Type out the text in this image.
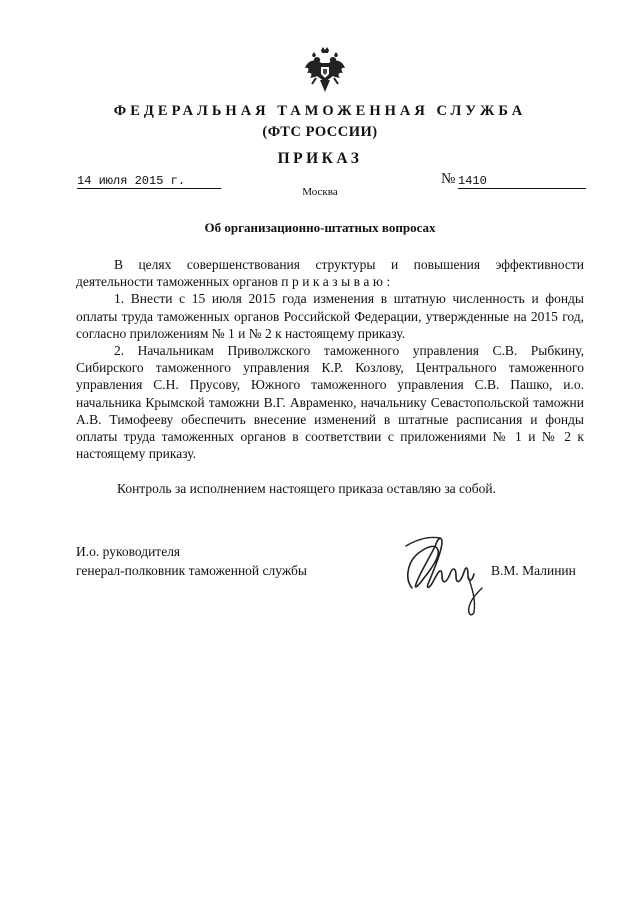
ФЕДЕРАЛЬНАЯ ТАМОЖЕННАЯ СЛУЖБА
(ФТС РОССИИ)
ПРИКАЗ
14 июля 2015 г.	№ 1410
Москва
Об организационно-штатных вопросах

В целях совершенствования структуры и повышения эффективности деятельности таможенных органов приказываю:

1. Внести с 15 июля 2015 года изменения в штатную численность и фонды оплаты труда таможенных органов Российской Федерации, утвержденные на 2015 год, согласно приложениям № 1 и № 2 к настоящему приказу.

2. Начальникам Приволжского таможенного управления С.В. Рыбкину, Сибирского таможенного управления К.Р. Козлову, Центрального таможенного управления С.Н. Прусову, Южного таможенного управления С.В. Пашко, и.о. начальника Крымской таможни В.Г. Авраменко, начальнику Севастопольской таможни А.В. Тимофееву обеспечить внесение изменений в штатные расписания и фонды оплаты труда таможенных органов в соответствии с приложениями № 1 и № 2 к настоящему приказу.

Контроль за исполнением настоящего приказа оставляю за собой.
И.о. руководителя
генерал-полковник таможенной службы	В.М. Малинин
